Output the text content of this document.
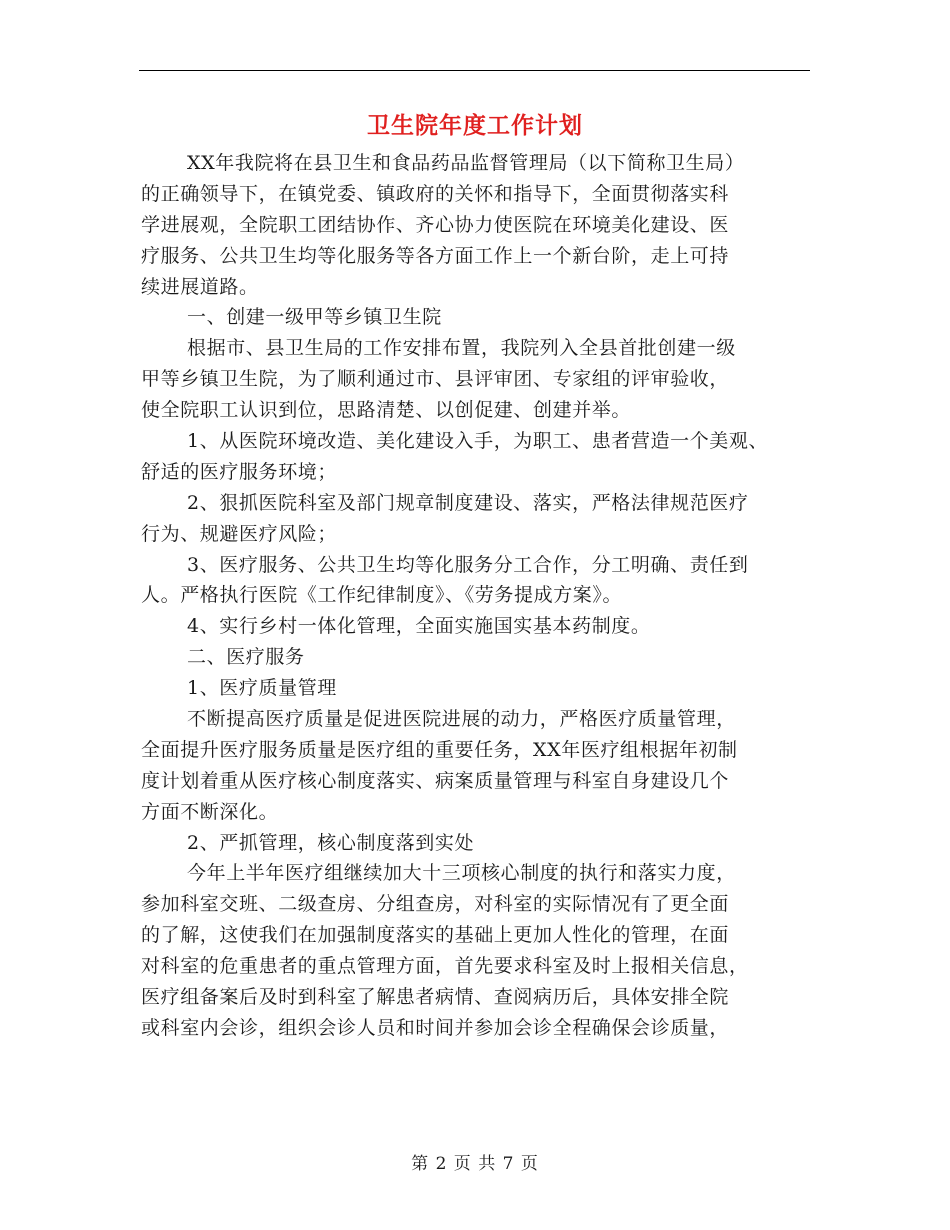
卫生院年度工作计划
XX年我院将在县卫生和食品药品监督管理局（以下简称卫生局）
的正确领导下，在镇党委、镇政府的关怀和指导下，全面贯彻落实科
学进展观，全院职工团结协作、齐心协力使医院在环境美化建设、医
疗服务、公共卫生均等化服务等各方面工作上一个新台阶，走上可持
续进展道路。
一、创建一级甲等乡镇卫生院
根据市、县卫生局的工作安排布置，我院列入全县首批创建一级
甲等乡镇卫生院，为了顺利通过市、县评审团、专家组的评审验收，
使全院职工认识到位，思路清楚、以创促建、创建并举。
1、从医院环境改造、美化建设入手，为职工、患者营造一个美观、
舒适的医疗服务环境；
2、狠抓医院科室及部门规章制度建设、落实，严格法律规范医疗
行为、规避医疗风险；
3、医疗服务、公共卫生均等化服务分工合作，分工明确、责任到
人。严格执行医院《工作纪律制度》、《劳务提成方案》。
4、实行乡村一体化管理，全面实施国实基本药制度。
二、医疗服务
1、医疗质量管理
不断提高医疗质量是促进医院进展的动力，严格医疗质量管理，
全面提升医疗服务质量是医疗组的重要任务，XX年医疗组根据年初制
度计划着重从医疗核心制度落实、病案质量管理与科室自身建设几个
方面不断深化。
2、严抓管理，核心制度落到实处
今年上半年医疗组继续加大十三项核心制度的执行和落实力度，
参加科室交班、二级查房、分组查房，对科室的实际情况有了更全面
的了解，这使我们在加强制度落实的基础上更加人性化的管理，在面
对科室的危重患者的重点管理方面，首先要求科室及时上报相关信息，
医疗组备案后及时到科室了解患者病情、查阅病历后，具体安排全院
或科室内会诊，组织会诊人员和时间并参加会诊全程确保会诊质量，
第 2 页 共 7 页
